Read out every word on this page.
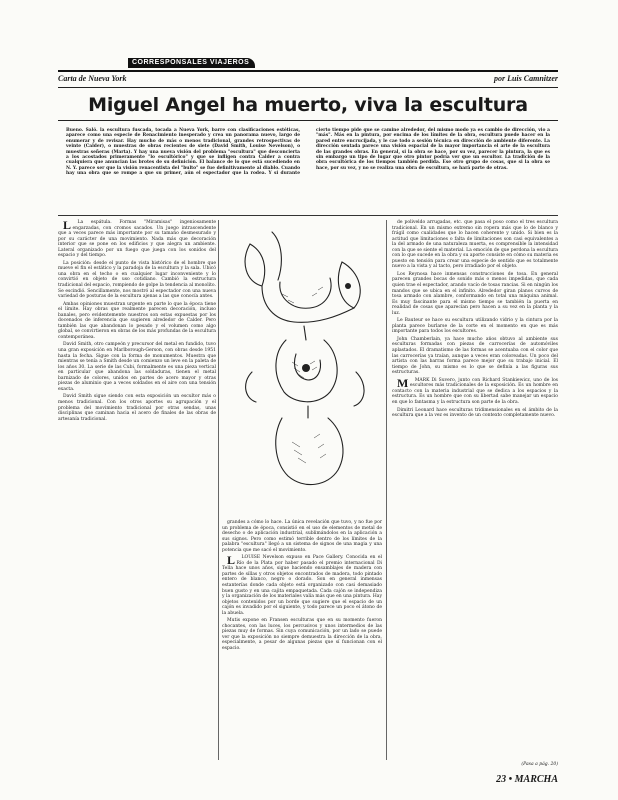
CORRESPONSALES VIAJEROS
Carta de Nueva York	por Luis Camnitzer
Miguel Angel ha muerto, viva la escultura
Bueno. Saló. la escultura fusc​ada, tocada a Nueva York, barre con clasificaciones estéticas, aparece como una especie de Renacimiento inesperado y crea un panorama nuevo, largo de enumerar y de revisar. Hay mucho de más o menos tradicional, grandes retrospectivas de veinte (Calder), o muestras de obras recientes de siete (David Smith, Louise Nevelson), o muestras señeras (Marta). Y hay una nueva visión del problema "escultura" que desconcierta a los acostados primeramente "lo escultórico" y que se infligen contra Calder a contra cualquiera que anuncian las brotes de su definición. El balance de lo que está sucediendo en N. Y. parece ser que la visión renacentista del "bulto" se fue definitivamente al diablo. Cuando hay una obra que se rompe a que su primer, aún el espectador que la rodea. Y si durante cierto tiempo pide que se camine alrededor, del mismo modo ya es cambio de dirección, vio a "más". Más en la pintura, por encima de los límites de la obra, escultura puede hacer en la pared entre encrucijada, y le cae todo a sesión técnica en dirección de ambiente diferente. La dirección sentada parece una visión espacial de la mayor importancia el arte de la escultura de las grandes obras. En general, si la obra se hace, por su vez, parecer la pintura, la que es sin embargo un tipo de lugar que otro pintor podría ver que un escultor. La tradición de la obra escultórica de los tiempos también perdida. Ese otro grupo de cosas, que si la obra se hace, por su vez, y no se realiza una obra de escultura, se hará parte de otras.

L La espátula. Formas "Miramisas" ingeniosamente engarzadas, con cromos sacados. Un juego intrascendente que a veces parece más importante por su tamaño desmesurado y por su carácter de una movimiento. Nada más que decoración interior que se pone en los edificios y que alegra un ambiente. Lateral organizado por un fuego que juega con los sonidos del espacio y del tiempo.

La posición: desde el punto de vista histórico de el hombre que mueve el fin el estático y la paradoja de la escultura y la sala. Ubicó una obra en el techo o en cualquier lugar inconveniente y lo convirtió en objeto de uso cotidiano. Cambió la estructura tradicional del espacio, rompiendo de golpe la tendencia al monolito. Se escindió. Sencillamente, nos mostró al espectador con una nueva variedad de posturas de la escultura ajenas a las que conocía antes.

Ambas opiniones muestran urgente en parte lo que la época tiene el límite. Hay obras que realmente parecen decoración, incluso banales, pero evidentemente nuestros son estas expuestas por los docenados de inferencia que sugieren alrededor de Calder. Pero también las que abandonan lo pesado y el volumen como algo global, se convirtieron en obras de los más profundas de la escultura contemporánea.

David Smith, otro campeón y precursor del metal en fundido, tuvo una gran exposición en Marlborough-Gerson, con obras desde 1951 hasta la fecha. Sigue con la forma de monumentos. Muestra que mientras se tenía a Smith desde un comienzo un leve en la paleta de los años 30. La serie de las Cubi, formalmente es una pieza vertical en particular que abandona las soldaduras, tienen el metal barnizado de colores, unidos en partes de acero mayor y otras piezas de aluminio que a veces soldados en el aire con una tensión exacta.

David Smith sigue siendo con esta exposición un escultor más o menos tradicional. Con los otros aportes su agrupación y el problema del movimiento tradicional por otras sendas, unas disciplinas que caminan hacia el acero de finales de las obras de artesanía tradicional.

grandes a cómo lo hace. La única revelación que tuvo, y no fue por un problema de época, consistió en el uso de elementos de metal de desecho o de aplicación industrial, sublimándolos en la aplicación a sus signos. Pero como estimó terrible dentro de los límites de la palabra "escultura" llegó a un sistema de signos de una magia y una potencia que me sacó el movimiento.

L LOUISE Nevelson expuso en Pace Gallery. Conocida en el Río de la Plata por haber pasado el premio internacional Di Tella hace unos años, sigue haciendo ensamblajes de madera con partes de sillas y otros objetos encontrados de madera, todo pintado entero de blanco, negro o dorado. Son en general inmensas estanterías donde cada objeto está organizado con casi demasiado buen gusto y en una cajita empaquetada. Cada cajón se independiza y la organización de los materiales valía más que en una pintura. Hay objetos contenidos por un borde que sugiere que el espacio de un cajón es invadido por el siguiente, y todo parece un poco el átono de la abuela.

Mutis expone en Fransen esculturas que en su momento fueron chocantes, con las luces, los percusivos y unos intermedios de las piezas muy de formas. Sin cuya comunicación, por un lado se puede ver que la exposición no siempre demuestra la dirección de la obra, especialmente, a pesar de algunas piezas que sí funcionan con el espacio.

de poliveldo arrugadas, etc. que pasa el poso como el tres escultura tradicional. En un mismo extremo sin ropera más que lo de blanco y frágil como cualidades que lo hacen coherente y unido. Si bien es la actitud que limitaciones o falta de limitaciones son casi equivalentes a la del armado de una naturaleza muerta, es comprensible la intensidad con la que se siente el material. La emoción de que perdona la escultura con lo que sucede en la obra y su aporte consiste en cómo su materia es puesto en tensión para crear una especie de sentido que es totalmente nuevo a la vista y al tacto, pero irradiado por el objeto.

Los Reynosa hace inmensas construcciones de tosa. En general parecen grandes bocas de sonido más o menos impedidas, que cada quien trae el espectador, arando vacío de tosas rancias. Si en ningún los mandos que se ubica en el infinito. Alrededor giran planos curvos de tosa armado con alambre, conformando en total una máquina animal. Es muy fascinante para el mismo tiempo se también la puerta en realidad de cosas que aparecían pero hacen a su vez en la planta y la luz.

Le Bauteur se hace su escultura utilizando vidrio y la cintura por la planta parece burlarse de la corte en el momento en que es más importante para todos los escultores.

John Chamberlain, ya hace mucho años obtuvo al ambiente sus esculturas formadas con piezas de carrocerías de automóviles aplastados. El dramatismo de las formas se acentuaba con el color que las carrocerías ya traían, aunque a veces eran coloreadas. Un poco del artista con las barras forma parece mejor que su trabajo inicial. El tiempo de John, su mismo es lo que se definía a las figuras sus estructuras.

M MARK Di Suvero, junto con Richard Stankiewicz, uno de los escultores más tradicionales de la exposición. Es un hombre en contacto con la materia industrial que se dedica a los espacios y la estructura. Es un hombre que con su libertad sabe manejar un espacio en que lo fantasma y la estructura son parte de la obra.

Dimitri Leonard hace esculturas tridimensionales en el ámbito de la escultura que a la vez es invento de un contexto completamente nuevo.

(Pasa a pág. 20)
23 • MARCHA
